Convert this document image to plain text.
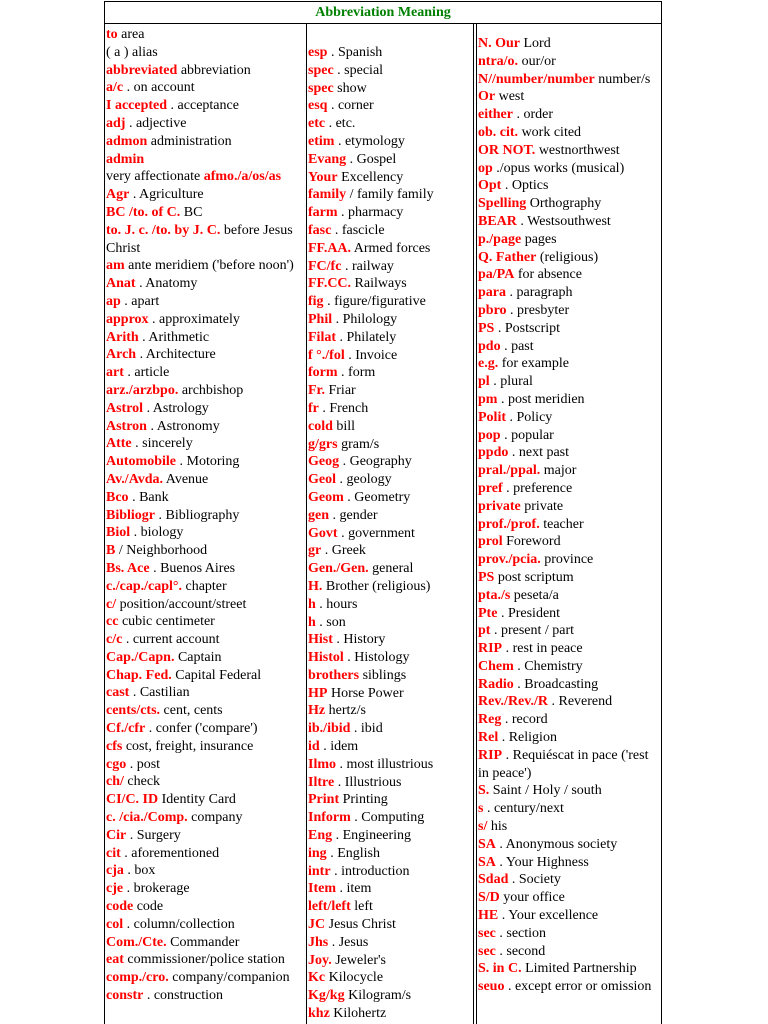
Abbreviation Meaning
to area
( a ) alias
abbreviated abbreviation
a/c . on account
I accepted . acceptance
adj . adjective
admon administration
admin
very affectionate afmo./a/os/as
Agr . Agriculture
BC /to. of C. BC
to. J. c. /to. by J. C. before Jesus Christ
am ante meridiem ('before noon')
Anat . Anatomy
ap . apart
approx . approximately
Arith . Arithmetic
Arch . Architecture
art . article
arz./arzbpo. archbishop
Astrol . Astrology
Astron . Astronomy
Atte . sincerely
Automobile . Motoring
Av./Avda. Avenue
Bco . Bank
Bibliogr . Bibliography
Biol . biology
B / Neighborhood
Bs. Ace . Buenos Aires
c./cap./capl°. chapter
c/ position/account/street
cc cubic centimeter
c/c . current account
Cap./Capn. Captain
Chap. Fed. Capital Federal
cast . Castilian
cents/cts. cent, cents
Cf./cfr . confer ('compare')
cfs cost, freight, insurance
cgo . post
ch/ check
CI/C. ID Identity Card
c. /cia./Comp. company
Cir . Surgery
cit . aforementioned
cja . box
cje . brokerage
code code
col . column/collection
Com./Cte. Commander
eat commissioner/police station
comp./cro. company/companion
constr . construction
esp . Spanish
spec . special
spec show
esq . corner
etc . etc.
etim . etymology
Evang . Gospel
Your Excellency
family / family family
farm . pharmacy
fasc . fascicle
FF.AA. Armed forces
FC/fc . railway
FF.CC. Railways
fig . figure/figurative
Phil . Philology
Filat . Philately
f °./fol . Invoice
form . form
Fr. Friar
fr . French
cold bill
g/grs gram/s
Geog . Geography
Geol . geology
Geom . Geometry
gen . gender
Govt . government
gr . Greek
Gen./Gen. general
H. Brother (religious)
h . hours
h . son
Hist . History
Histol . Histology
brothers siblings
HP Horse Power
Hz hertz/s
ib./ibid . ibid
id . idem
Ilmo . most illustrious
Iltre . Illustrious
Print Printing
Inform . Computing
Eng . Engineering
ing . English
intr . introduction
Item . item
left/left left
JC Jesus Christ
Jhs . Jesus
Joy. Jeweler's
Kc Kilocycle
Kg/kg Kilogram/s
khz Kilohertz
N. Our Lord
ntra/o. our/or
N//number/number number/s
Or west
either . order
ob. cit. work cited
OR NOT. westnorthwest
op ./opus works (musical)
Opt . Optics
Spelling Orthography
BEAR . Westsouthwest
p./page pages
Q. Father (religious)
pa/PA for absence
para . paragraph
pbro . presbyter
PS . Postscript
pdo . past
e.g. for example
pl . plural
pm . post meridien
Polit . Policy
pop . popular
ppdo . next past
pral./ppal. major
pref . preference
private private
prof./prof. teacher
prol Foreword
prov./pcia. province
PS post scriptum
pta./s peseta/a
Pte . President
pt . present / part
RIP . rest in peace
Chem . Chemistry
Radio . Broadcasting
Rev./Rev./R . Reverend
Reg . record
Rel . Religion
RIP . Requiéscat in pace ('rest in peace')
S. Saint / Holy / south
s . century/next
s/ his
SA . Anonymous society
SA . Your Highness
Sdad . Society
S/D your office
HE . Your excellence
sec . section
sec . second
S. in C. Limited Partnership
seuo . except error or omission
